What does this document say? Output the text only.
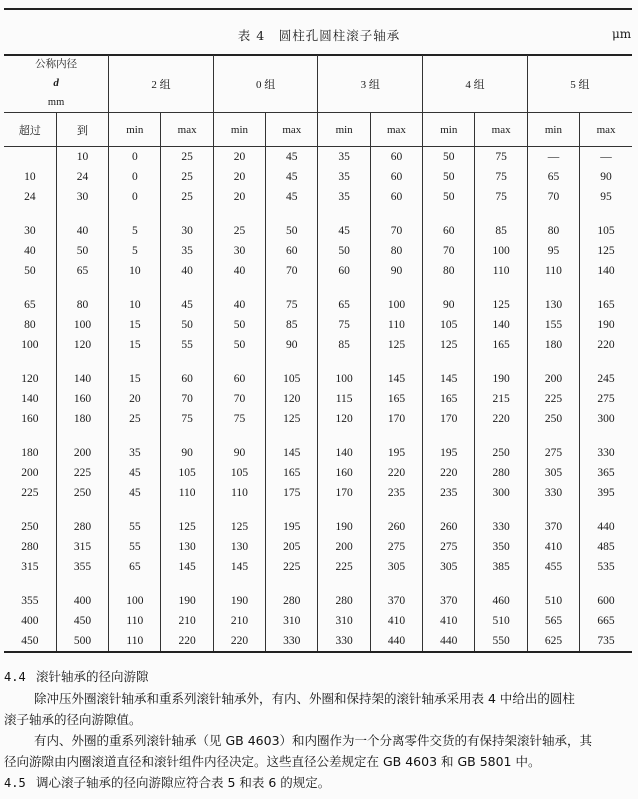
表 4　圆柱孔圆柱滚子轴承	μm
公称内径
d
mm		2 组		0 组		3 组		4 组		5 组	
超过	到	min	max	min	max	min	max	min	max	min	max
	10	0	25	20	45	35	60	50	75	—	—
10	24	0	25	20	45	35	60	50	75	65	90
24	30	0	25	20	45	35	60	50	75	70	95

30	40	5	30	25	50	45	70	60	85	80	105
40	50	5	35	30	60	50	80	70	100	95	125
50	65	10	40	40	70	60	90	80	110	110	140

65	80	10	45	40	75	65	100	90	125	130	165
80	100	15	50	50	85	75	110	105	140	155	190
100	120	15	55	50	90	85	125	125	165	180	220

120	140	15	60	60	105	100	145	145	190	200	245
140	160	20	70	70	120	115	165	165	215	225	275
160	180	25	75	75	125	120	170	170	220	250	300

180	200	35	90	90	145	140	195	195	250	275	330
200	225	45	105	105	165	160	220	220	280	305	365
225	250	45	110	110	175	170	235	235	300	330	395

250	280	55	125	125	195	190	260	260	330	370	440
280	315	55	130	130	205	200	275	275	350	410	485
315	355	65	145	145	225	225	305	305	385	455	535

355	400	100	190	190	280	280	370	370	460	510	600
400	450	110	210	210	310	310	410	410	510	565	665
450	500	110	220	220	330	330	440	440	550	625	735
4.4 滚针轴承的径向游隙
除冲压外圈滚针轴承和重系列滚针轴承外，有内、外圈和保持架的滚针轴承采用表 4 中给出的圆柱
滚子轴承的径向游隙值。
有内、外圈的重系列滚针轴承（见 GB 4603）和内圈作为一个分离零件交货的有保持架滚针轴承，其
径向游隙由内圈滚道直径和滚针组件内径决定。这些直径公差规定在 GB 4603 和 GB 5801 中。
4.5 调心滚子轴承的径向游隙应符合表 5 和表 6 的规定。
